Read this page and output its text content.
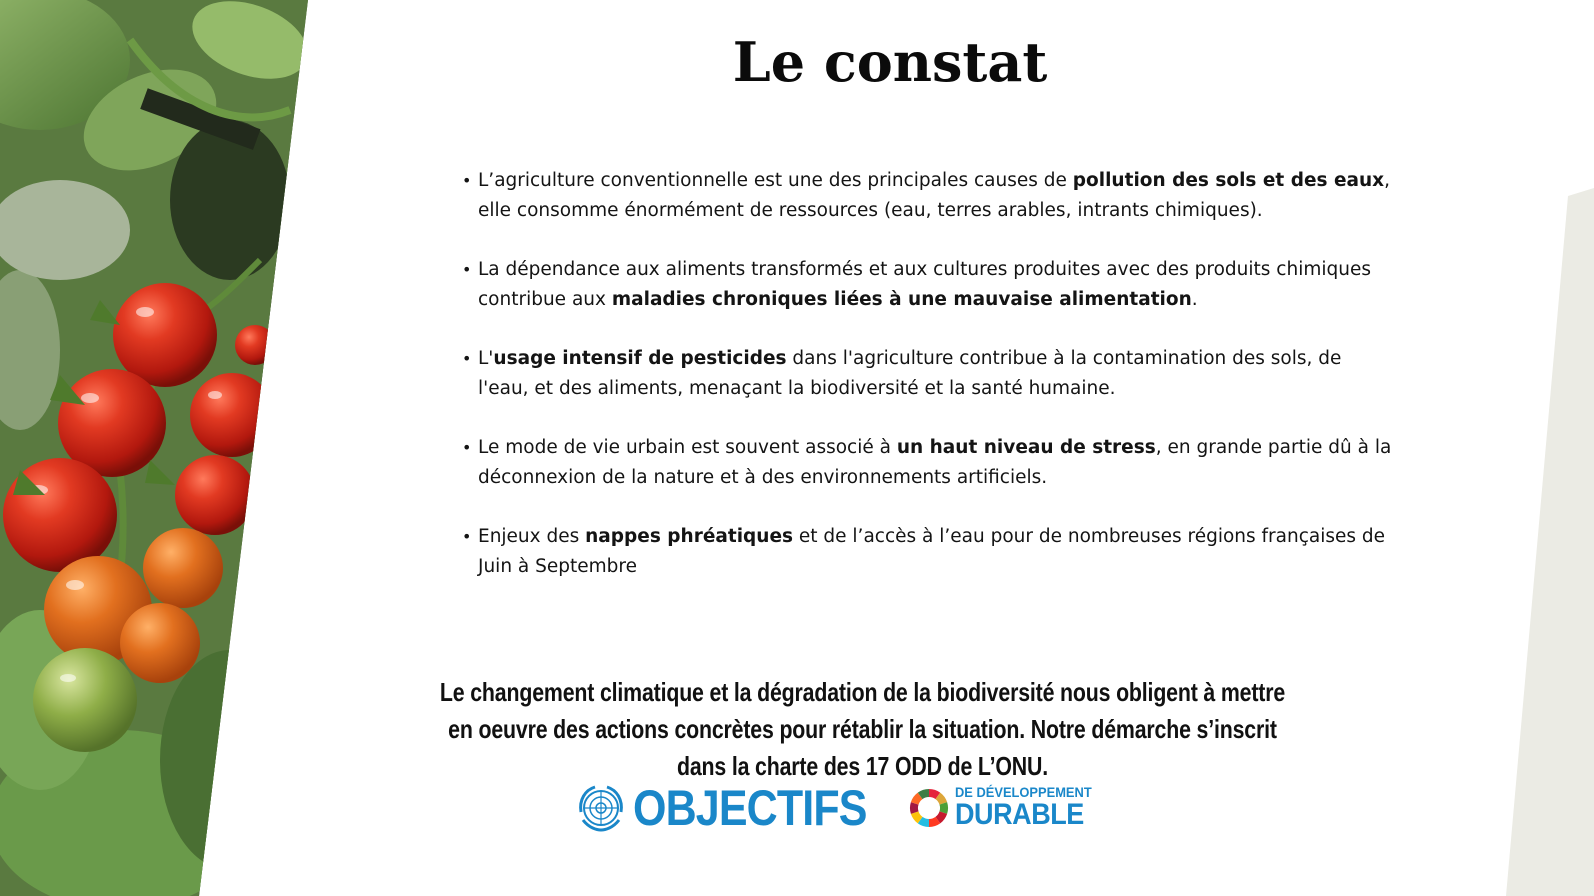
Le constat
• L’agriculture conventionnelle est une des principales causes de pollution des sols et des eaux, elle consomme énormément de ressources (eau, terres arables, intrants chimiques).
• La dépendance aux aliments transformés et aux cultures produites avec des produits chimiques contribue aux maladies chroniques liées à une mauvaise alimentation.
• L'usage intensif de pesticides dans l'agriculture contribue à la contamination des sols, de l'eau, et des aliments, menaçant la biodiversité et la santé humaine.
• Le mode de vie urbain est souvent associé à un haut niveau de stress, en grande partie dû à la déconnexion de la nature et à des environnements artificiels.
• Enjeux des nappes phréatiques et de l’accès à l’eau pour de nombreuses régions françaises de Juin à Septembre
Le changement climatique et la dégradation de la biodiversité nous obligent à mettre en oeuvre des actions concrètes pour rétablir la situation. Notre démarche s’inscrit dans la charte des 17 ODD de L’ONU.
OBJECTIFS	DE DÉVELOPPEMENT
DURABLE
